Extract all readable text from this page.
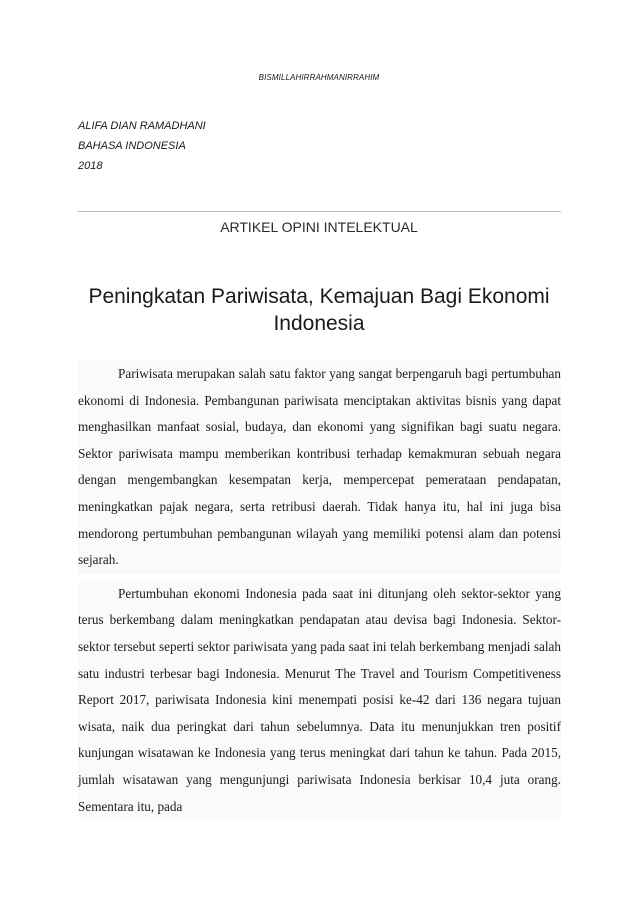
BISMILLAHIRRAHMANIRRAHIM
ALIFA DIAN RAMADHANI
BAHASA INDONESIA
2018
ARTIKEL OPINI INTELEKTUAL
Peningkatan Pariwisata, Kemajuan Bagi Ekonomi Indonesia

Pariwisata merupakan salah satu faktor yang sangat berpengaruh bagi pertumbuhan ekonomi di Indonesia. Pembangunan pariwisata menciptakan aktivitas bisnis yang dapat menghasilkan manfaat sosial, budaya, dan ekonomi yang signifikan bagi suatu negara. Sektor pariwisata mampu memberikan kontribusi terhadap kemakmuran sebuah negara dengan mengembangkan kesempatan kerja, mempercepat pemerataan pendapatan, meningkatkan pajak negara, serta retribusi daerah. Tidak hanya itu, hal ini juga bisa mendorong pertumbuhan pembangunan wilayah yang memiliki potensi alam dan potensi sejarah.

Pertumbuhan ekonomi Indonesia pada saat ini ditunjang oleh sektor-sektor yang terus berkembang dalam meningkatkan pendapatan atau devisa bagi Indonesia. Sektor-sektor tersebut seperti sektor pariwisata yang pada saat ini telah berkembang menjadi salah satu industri terbesar bagi Indonesia. Menurut The Travel and Tourism Competitiveness Report 2017, pariwisata Indonesia kini menempati posisi ke-42 dari 136 negara tujuan wisata, naik dua peringkat dari tahun sebelumnya. Data itu menunjukkan tren positif kunjungan wisatawan ke Indonesia yang terus meningkat dari tahun ke tahun. Pada 2015, jumlah wisatawan yang mengunjungi pariwisata Indonesia berkisar 10,4 juta orang. Sementara itu, pada
